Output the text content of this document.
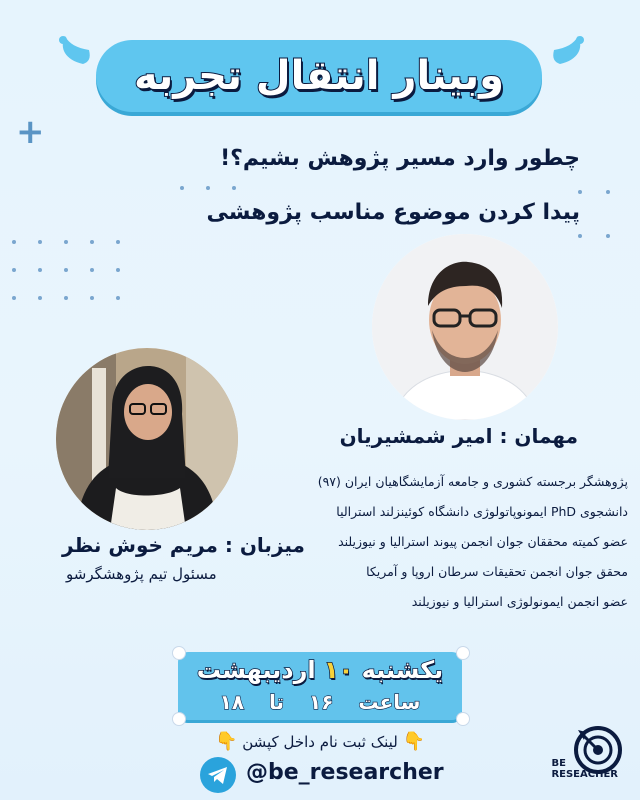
+
وبینار انتقال تجربه
چطور وارد مسیر پژوهش بشیم؟!
پیدا کردن موضوع مناسب پژوهشی
مهمان : امیر شمشیریان
میزبان : مریم خوش نظر
مسئول تیم پژوهشگرشو
پژوهشگر برجسته کشوری و جامعه آزمایشگاهیان ایران (۹۷)
دانشجوی PhD ایمونوپاتولوژی دانشگاه کوئینزلند استرالیا
عضو کمیته محققان جوان انجمن پیوند استرالیا و نیوزیلند
محقق جوان انجمن تحقیقات سرطان اروپا و آمریکا
عضو انجمن ایمونولوژی استرالیا و نیوزیلند
یکشنبه ۱۰ اردیبهشت
ساعت ۱۶ تا ۱۸
👇 لینک ثبت نام داخل کپشن 👇
@be_researcher	BE
RESEACHER
